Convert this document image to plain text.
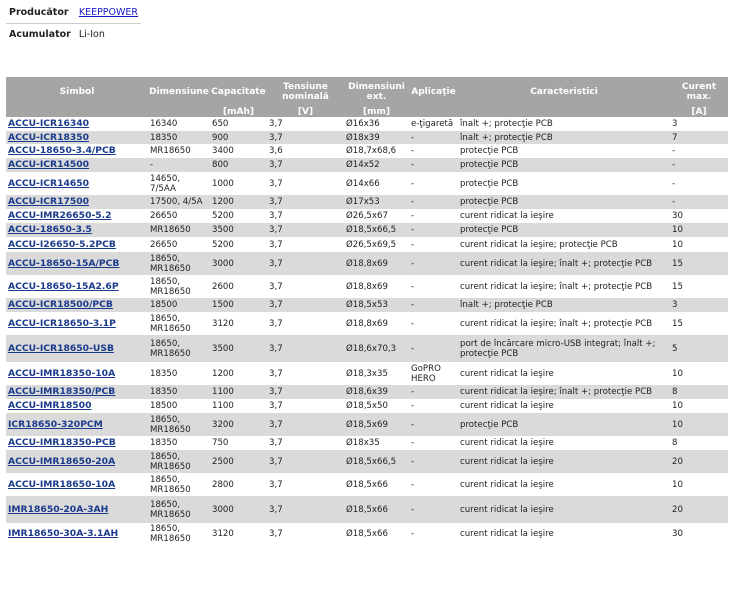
Producător	KEEPPOWER
Acumulator	Li-Ion
Simbol	Dimensiune	Capacitate	Tensiune nominală	Dimensiuni ext.	Aplicaţie	Caracteristici	Curent max.
		[mAh]	[V]	[mm]			[A]
ACCU-ICR16340	16340	650	3,7	Ø16x36	e-ţigaretă	înalt +; protecţie PCB	3
ACCU-ICR18350	18350	900	3,7	Ø18x39	-	înalt +; protecţie PCB	7
ACCU-18650-3.4/PCB	MR18650	3400	3,6	Ø18,7x68,6	-	protecţie PCB	-
ACCU-ICR14500	-	800	3,7	Ø14x52	-	protecţie PCB	-
ACCU-ICR14650	14650, 7/5AA	1000	3,7	Ø14x66	-	protecţie PCB	-
ACCU-ICR17500	17500, 4/5A	1200	3,7	Ø17x53	-	protecţie PCB	-
ACCU-IMR26650-5.2	26650	5200	3,7	Ø26,5x67	-	curent ridicat la ieşire	30
ACCU-18650-3.5	MR18650	3500	3,7	Ø18,5x66,5	-	protecţie PCB	10
ACCU-I26650-5.2PCB	26650	5200	3,7	Ø26,5x69,5	-	curent ridicat la ieşire; protecţie PCB	10
ACCU-18650-15A/PCB	18650, MR18650	3000	3,7	Ø18,8x69	-	curent ridicat la ieşire; înalt +; protecţie PCB	15
ACCU-18650-15A2.6P	18650, MR18650	2600	3,7	Ø18,8x69	-	curent ridicat la ieşire; înalt +; protecţie PCB	15
ACCU-ICR18500/PCB	18500	1500	3,7	Ø18,5x53	-	înalt +; protecţie PCB	3
ACCU-ICR18650-3.1P	18650, MR18650	3120	3,7	Ø18,8x69	-	curent ridicat la ieşire; înalt +; protecţie PCB	15
ACCU-ICR18650-USB	18650, MR18650	3500	3,7	Ø18,6x70,3	-	port de încărcare micro-USB integrat; înalt +; protecţie PCB	5
ACCU-IMR18350-10A	18350	1200	3,7	Ø18,3x35	GoPRO HERO	curent ridicat la ieşire	10
ACCU-IMR18350/PCB	18350	1100	3,7	Ø18,6x39	-	curent ridicat la ieşire; înalt +; protecţie PCB	8
ACCU-IMR18500	18500	1100	3,7	Ø18,5x50	-	curent ridicat la ieşire	10
ICR18650-320PCM	18650, MR18650	3200	3,7	Ø18,5x69	-	protecţie PCB	10
ACCU-IMR18350-PCB	18350	750	3,7	Ø18x35	-	curent ridicat la ieşire	8
ACCU-IMR18650-20A	18650, MR18650	2500	3,7	Ø18,5x66,5	-	curent ridicat la ieşire	20
ACCU-IMR18650-10A	18650, MR18650	2800	3,7	Ø18,5x66	-	curent ridicat la ieşire	10
IMR18650-20A-3AH	18650, MR18650	3000	3,7	Ø18,5x66	-	curent ridicat la ieşire	20
IMR18650-30A-3.1AH	18650, MR18650	3120	3,7	Ø18,5x66	-	curent ridicat la ieşire	30
